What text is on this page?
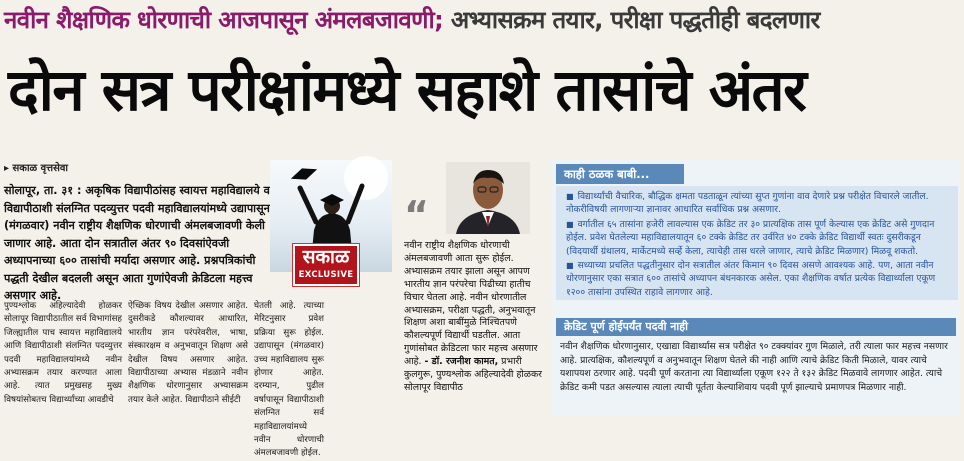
नवीन शैक्षणिक धोरणाची आजपासून अंमलबजावणी; अभ्यासक्रम तयार, परीक्षा पद्धतीही बदलणार
दोन सत्र परीक्षांमध्ये सहाशे तासांचे अंतर
▸ सकाळ वृत्तसेवा
सोलापूर, ता. ३१ : अकृषिक विद्यापीठांसह स्वायत्त महाविद्यालये व विद्यापीठाशी संलग्नित पदव्युत्तर पदवी महाविद्यालयांमध्ये उद्यापासून (मंगळवार) नवीन राष्ट्रीय शैक्षणिक धोरणाची अंमलबजावणी केली जाणार आहे. आता दोन सत्रातील अंतर ९० दिवसांऐवजी अध्यापनाच्या ६०० तासांची मर्यादा असणार आहे. प्रश्नपत्रिकांची पद्धती देखील बदलली असून आता गुणांऐवजी क्रेडिटला महत्त्व असणार आहे.
सकाळ
EXCLUSIVE
“
नवीन राष्ट्रीय शैक्षणिक धोरणाची अंमलबजावणी आता सुरू होईल. अभ्यासक्रम तयार झाला असून आपण भारतीय ज्ञान परंपरेचा पिढीच्या हातीच विचार घेतला आहे. नवीन धोरणातील अभ्यासक्रम, परीक्षा पद्धती, अनुभवातून शिक्षण अशा बाबींमुळे निश्चितपणे कौशल्यपूर्ण विद्यार्थी घडतील. आता गुणांसोबत क्रेडिटला फार महत्त्व असणार आहे. - डॉ. रजनीश कामत, प्रभारी कुलगुरू, पुण्यश्लोक अहिल्यादेवी होळकर सोलापूर विद्यापीठ
पुण्यश्लोक अहिल्यादेवी होळकर सोलापूर विद्यापीठातील सर्व विभागांसह जिल्ह्यातील पाच स्वायत्त महाविद्यालये आणि विद्यापीठाशी संलग्नित पदव्युत्तर पदवी महाविद्यालयांमध्ये नवीन अभ्यासक्रम तयार करण्यात आला आहे. त्यात प्रमुखसह मुख्य विषयांसोबतच विद्यार्थ्यांच्या आवडीचे
ऐच्छिक विषय देखील असणार आहेत. दुसरीकडे कौशल्यावर आधारित, भारतीय ज्ञान परंपरेवरील, भाषा, संस्कारक्षम व अनुभवातून शिक्षण असे देखील विषय असणार आहेत. विद्यापीठाच्या अभ्यास मंडळाने नवीन शैक्षणिक धोरणानुसार अभ्यासक्रम तयार केले आहेत. विद्यापीठाने सीईटी
घेतली आहे. त्याच्या मेरिटनुसार प्रवेश प्रक्रिया सुरू होईल. उद्यापासून (मंगळवार) उच्च महाविद्यालय सुरू होणार आहेत. दरम्यान, पुढील वर्षापासून विद्यापीठाशी संलग्नित सर्व महाविद्यालयांमध्ये नवीन धोरणाची अंमलबजावणी होईल.
काही ठळक बाबी...

■ विद्यार्थ्यांची वैचारिक, बौद्धिक क्षमता पडताळून त्यांच्या सुप्त गुणांना वाव देणारे प्रश्न परीक्षेत विचारले जातील. नोकरीविषयी लागणाऱ्या ज्ञानावर आधारित सर्वाधिक प्रश्न असणार.

■ वर्गातील ६५ तासांना हजेरी लावल्यास एक क्रेडिट तर ३० प्रात्यक्षिक तास पूर्ण केल्यास एक क्रेडिट असे गुणदान होईल. प्रवेश घेतलेल्या महाविद्यालयातून ६० टक्के क्रेडिट तर उर्वरित ४० टक्के क्रेडिट विद्यार्थी स्वतः दुसरीकडून (विदयार्थी ग्रंथालय, मार्केटमध्ये सर्व्हे केला, त्याचेही तास धरले जाणार, त्याचे क्रेडिट मिळणार) मिळवू शकतो.

■ सध्याच्या प्रचलित पद्धतीनुसार दोन सत्रातील अंतर किमान ९० दिवस असणे आवश्यक आहे. पण, आता नवीन धोरणानुसार एका सत्रात ६०० तासांचे अध्यापन बंधनकारक असेल. एका शैक्षणिक वर्षात प्रत्येक विद्यार्थ्याला एकूण १२०० तासांना उपस्थित राहावे लागणार आहे.

क्रेडिट पूर्ण होईपर्यंत पदवी नाही
नवीन शैक्षणिक धोरणानुसार, एखाद्या विद्यार्थ्यास सत्र परीक्षेत ९० टक्क्यांवर गुण मिळाले, तरी त्याला फार महत्त्व नसणार आहे. प्रात्यक्षिक, कौशल्यपूर्ण व अनुभवातून शिक्षण घेतले की नाही आणि त्याचे क्रेडिट किती मिळाले, यावर त्याचे यशापयश ठरणार आहे. पदवी पूर्ण करताना त्या विद्यार्थ्याला एकूण १२२ ते १३२ क्रेडिट मिळवावे लागणार आहेत. त्याचे क्रेडिट कमी पडत असल्यास त्याला त्याची पूर्तता केल्याशिवाय पदवी पूर्ण झाल्याचे प्रमाणपत्र मिळणार नाही.
